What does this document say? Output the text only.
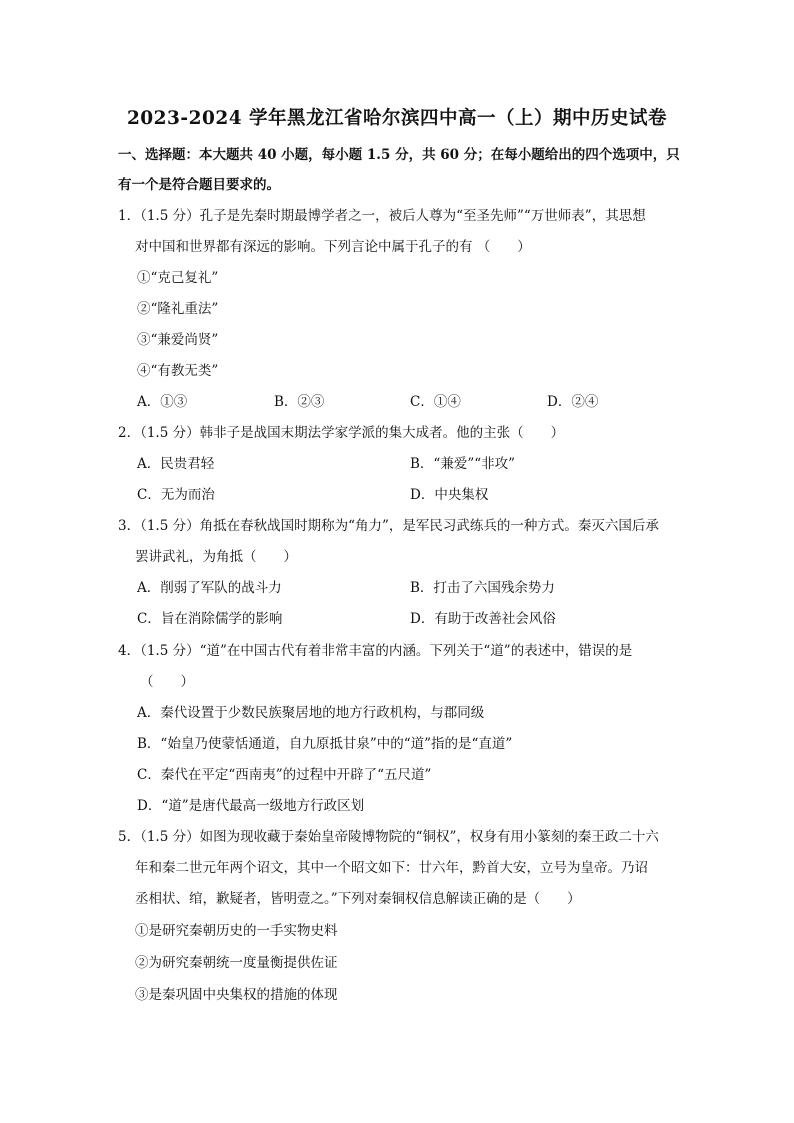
2023-2024 学年黑龙江省哈尔滨四中高一（上）期中历史试卷
一、选择题：本大题共 40 小题，每小题 1.5 分，共 60 分；在每小题给出的四个选项中，只
有一个是符合题目要求的。
1．（1.5 分）孔子是先秦时期最博学者之一，被后人尊为“至圣先师”“万世师表”，其思想
对中国和世界都有深远的影响。下列言论中属于孔子的有 （　　）
①“克己复礼”
②“隆礼重法”
③“兼爱尚贤”
④“有教无类”
A．①③	B．②③	C．①④	D．②④
2．（1.5 分）韩非子是战国末期法学家学派的集大成者。他的主张（　　）
A．民贵君轻	B．“兼爱”“非攻”
C．无为而治	D．中央集权
3．（1.5 分）角抵在春秋战国时期称为“角力”，是军民习武练兵的一种方式。秦灭六国后承
罢讲武礼，为角抵（　　）
A．削弱了军队的战斗力	B．打击了六国残余势力
C．旨在消除儒学的影响	D．有助于改善社会风俗
4．（1.5 分）“道”在中国古代有着非常丰富的内涵。下列关于“道”的表述中，错误的是
（　　）
A．秦代设置于少数民族聚居地的地方行政机构，与郡同级
B．“始皇乃使蒙恬通道，自九原抵甘泉”中的“道”指的是“直道”
C．秦代在平定“西南夷”的过程中开辟了“五尺道”
D．“道”是唐代最高一级地方行政区划
5．（1.5 分）如图为现收藏于秦始皇帝陵博物院的“铜权”，权身有用小篆刻的秦王政二十六
年和秦二世元年两个诏文，其中一个昭文如下：廿六年，黔首大安，立号为皇帝。乃诏
丞相状、绾，歉疑者，皆明壹之。”下列对秦铜权信息解读正确的是（　　）
①是研究秦朝历史的一手实物史料
②为研究秦朝统一度量衡提供佐证
③是秦巩固中央集权的措施的体现
